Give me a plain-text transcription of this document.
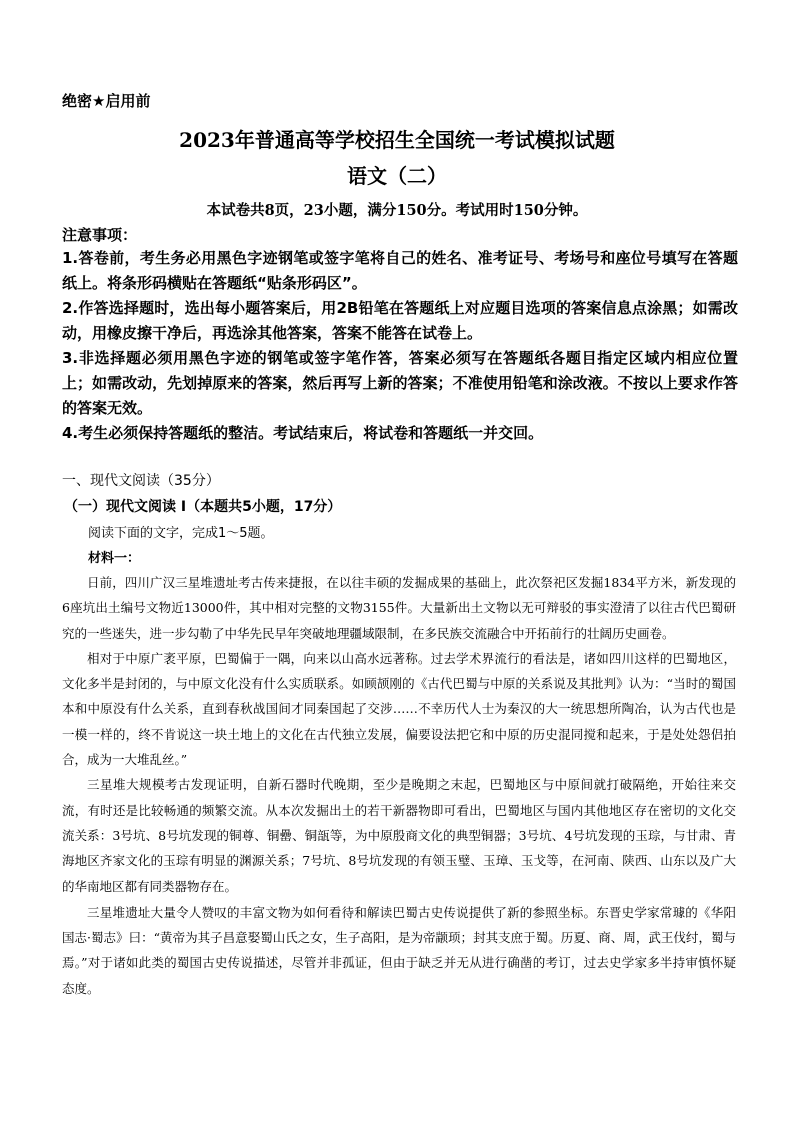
绝密★启用前
2023年普通高等学校招生全国统一考试模拟试题
语文（二）
本试卷共8页，23小题，满分150分。考试用时150分钟。
注意事项：
1.答卷前，考生务必用黑色字迹钢笔或签字笔将自己的姓名、准考证号、考场号和座位号填写在答题纸上。将条形码横贴在答题纸“贴条形码区”。
2.作答选择题时，选出每小题答案后，用2B铅笔在答题纸上对应题目选项的答案信息点涂黑；如需改动，用橡皮擦干净后，再选涂其他答案，答案不能答在试卷上。
3.非选择题必须用黑色字迹的钢笔或签字笔作答，答案必须写在答题纸各题目指定区域内相应位置上；如需改动，先划掉原来的答案，然后再写上新的答案；不准使用铅笔和涂改液。不按以上要求作答的答案无效。
4.考生必须保持答题纸的整洁。考试结束后，将试卷和答题纸一并交回。
一、现代文阅读（35分）
（一）现代文阅读 I（本题共5小题，17分）
阅读下面的文字，完成1～5题。
材料一：

日前，四川广汉三星堆遗址考古传来捷报，在以往丰硕的发掘成果的基础上，此次祭祀区发掘1834平方米，新发现的6座坑出土编号文物近13000件，其中相对完整的文物3155件。大量新出土文物以无可辩驳的事实澄清了以往古代巴蜀研究的一些迷失，进一步勾勒了中华先民早年突破地理疆域限制，在多民族交流融合中开拓前行的壮阔历史画卷。

相对于中原广袤平原，巴蜀偏于一隅，向来以山高水远著称。过去学术界流行的看法是，诸如四川这样的巴蜀地区，文化多半是封闭的，与中原文化没有什么实质联系。如顾颉刚的《古代巴蜀与中原的关系说及其批判》认为：“当时的蜀国本和中原没有什么关系，直到春秋战国间才同秦国起了交涉……不幸历代人士为秦汉的大一统思想所陶冶，认为古代也是一模一样的，终不肯说这一块土地上的文化在古代独立发展，偏要设法把它和中原的历史混同搅和起来，于是处处怨侣拍合，成为一大堆乱丝。”

三星堆大规模考古发现证明，自新石器时代晚期，至少是晚期之末起，巴蜀地区与中原间就打破隔绝，开始往来交流，有时还是比较畅通的频繁交流。从本次发掘出土的若干新器物即可看出，巴蜀地区与国内其他地区存在密切的文化交流关系：3号坑、8号坑发现的铜尊、铜罍、铜瓿等，为中原殷商文化的典型铜器；3号坑、4号坑发现的玉琮，与甘肃、青海地区齐家文化的玉琮有明显的渊源关系；7号坑、8号坑发现的有领玉璧、玉璋、玉戈等，在河南、陕西、山东以及广大的华南地区都有同类器物存在。

三星堆遗址大量令人赞叹的丰富文物为如何看待和解读巴蜀古史传说提供了新的参照坐标。东晋史学家常璩的《华阳国志·蜀志》曰：“黄帝为其子昌意娶蜀山氏之女，生子高阳，是为帝颛顼；封其支庶于蜀。历夏、商、周，武王伐纣，蜀与焉。”对于诸如此类的蜀国古史传说描述，尽管并非孤证，但由于缺乏并无从进行确凿的考订，过去史学家多半持审慎怀疑态度。
